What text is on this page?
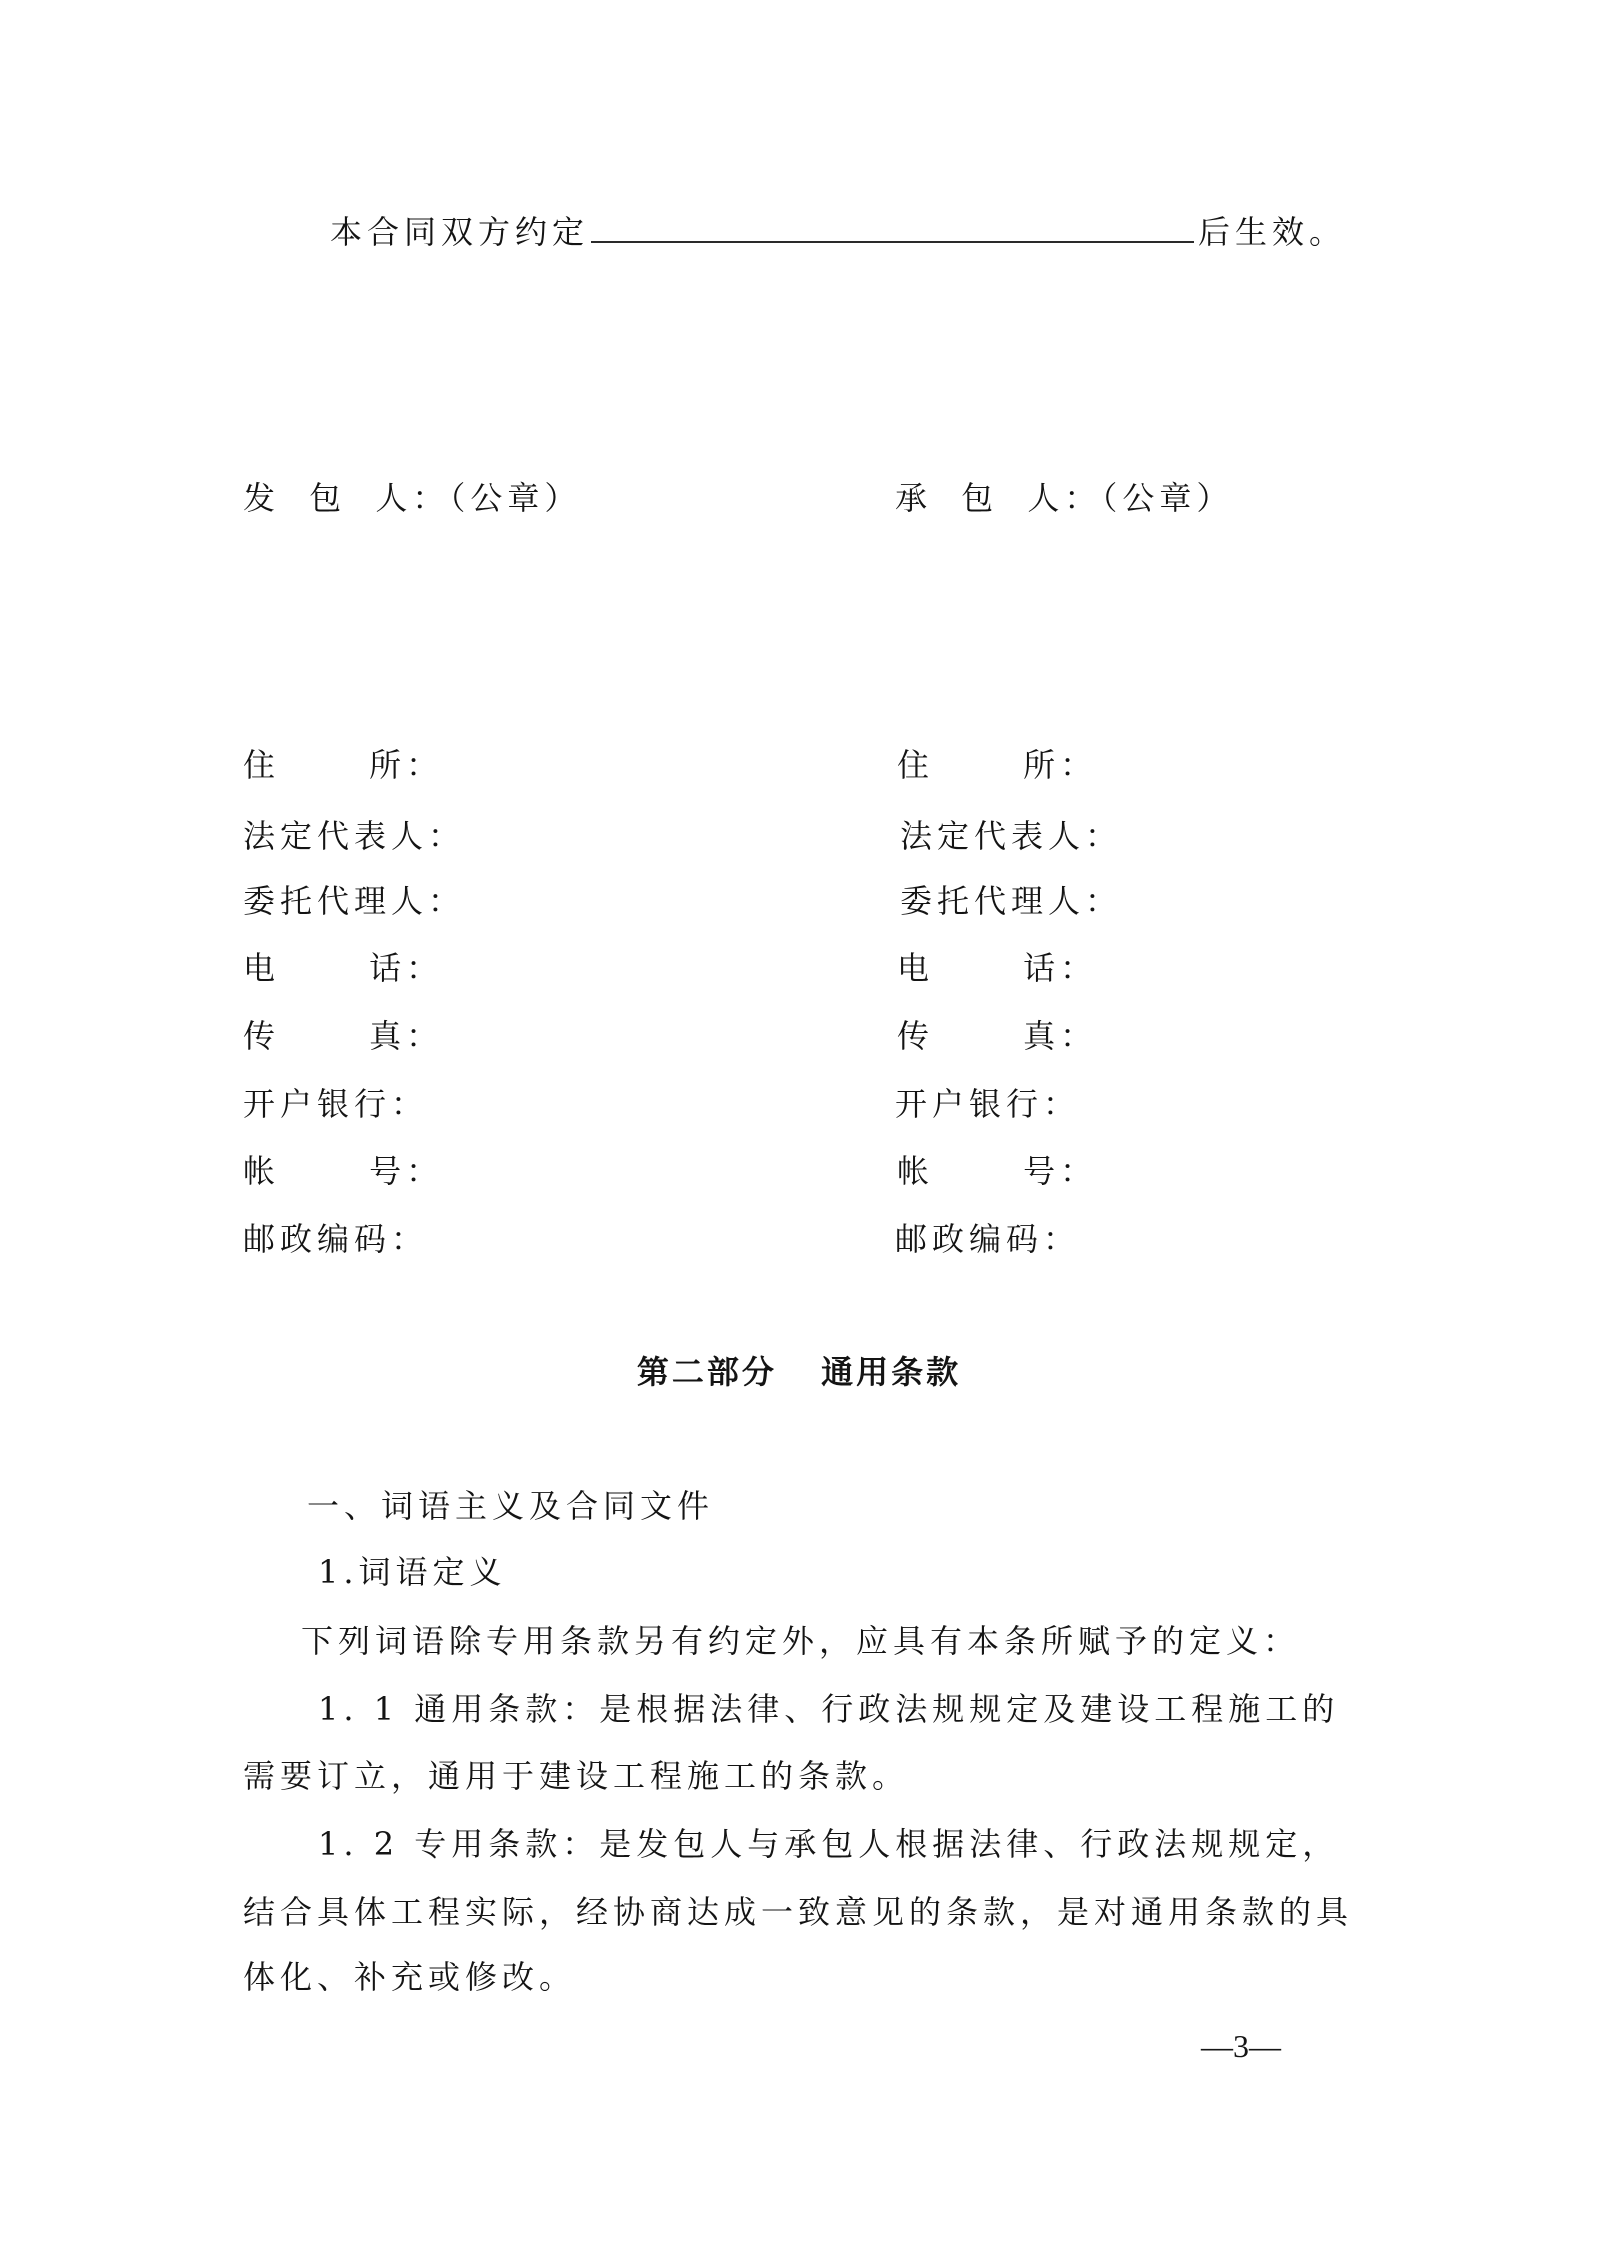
本合同双方约定	后生效。
发 包 人：（公章）	承 包 人：（公章）
住 所：
法定代表人：
委托代理人：
电 话：
传 真：
开户银行：
帐 号：
邮政编码：
住 所：
法定代表人：
委托代理人：
电 话：
传 真：
开户银行：
帐 号：
邮政编码：
第二部分 通用条款
一、词语主义及合同文件
1.词语定义
下列词语除专用条款另有约定外，应具有本条所赋予的定义：
1. 1 通用条款：是根据法律、行政法规规定及建设工程施工的
需要订立，通用于建设工程施工的条款。
1. 2 专用条款：是发包人与承包人根据法律、行政法规规定，
结合具体工程实际，经协商达成一致意见的条款，是对通用条款的具
体化、补充或修改。
—3—
